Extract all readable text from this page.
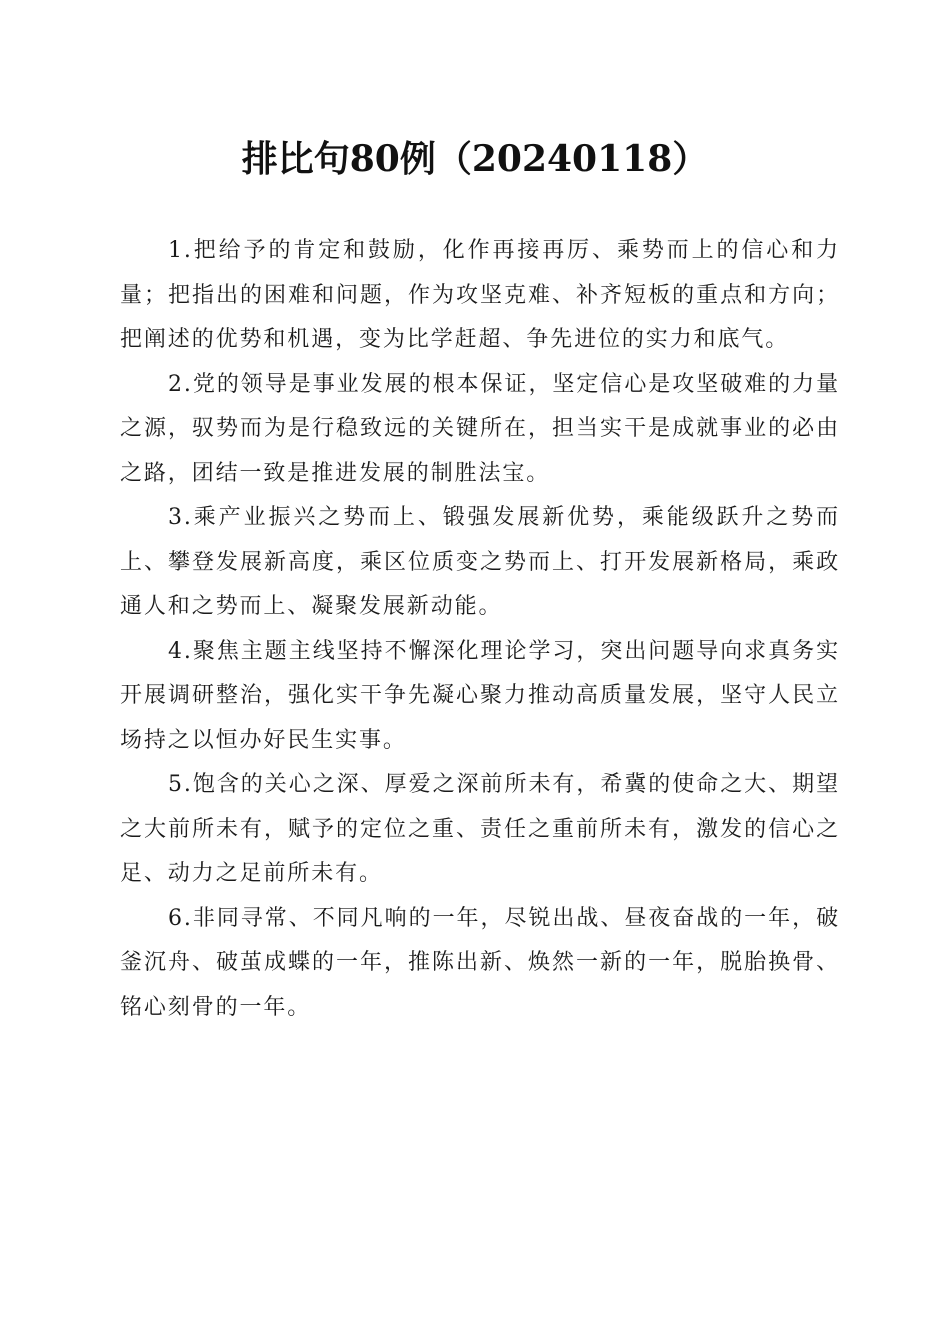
排比句80例（20240118）

1.把给予的肯定和鼓励，化作再接再厉、乘势而上的信心和力量；把指出的困难和问题，作为攻坚克难、补齐短板的重点和方向；把阐述的优势和机遇，变为比学赶超、争先进位的实力和底气。

2.党的领导是事业发展的根本保证，坚定信心是攻坚破难的力量之源，驭势而为是行稳致远的关键所在，担当实干是成就事业的必由之路，团结一致是推进发展的制胜法宝。

3.乘产业振兴之势而上、锻强发展新优势，乘能级跃升之势而上、攀登发展新高度，乘区位质变之势而上、打开发展新格局，乘政通人和之势而上、凝聚发展新动能。

4.聚焦主题主线坚持不懈深化理论学习，突出问题导向求真务实开展调研整治，强化实干争先凝心聚力推动高质量发展，坚守人民立场持之以恒办好民生实事。

5.饱含的关心之深、厚爱之深前所未有，希冀的使命之大、期望之大前所未有，赋予的定位之重、责任之重前所未有，激发的信心之足、动力之足前所未有。

6.非同寻常、不同凡响的一年，尽锐出战、昼夜奋战的一年，破釜沉舟、破茧成蝶的一年，推陈出新、焕然一新的一年，脱胎换骨、铭心刻骨的一年。
